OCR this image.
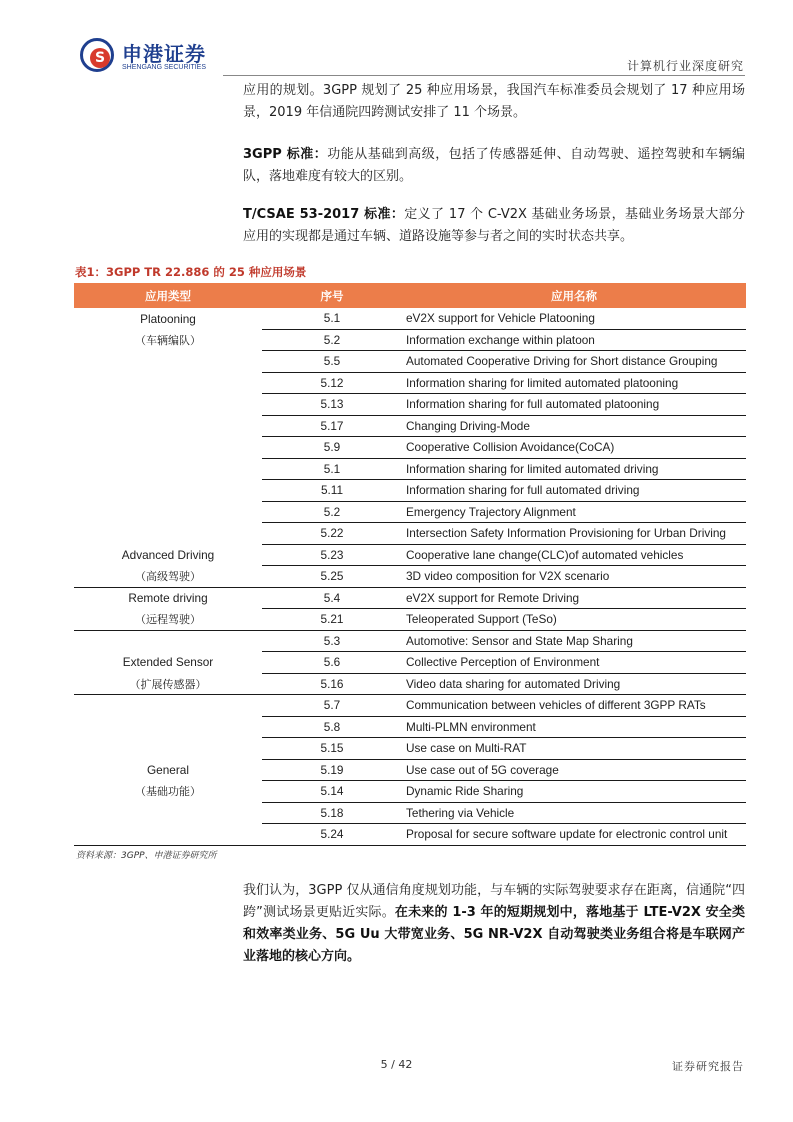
S 申港证券
SHENGANG SECURITIES	计算机行业深度研究
应用的规划。3GPP 规划了 25 种应用场景，我国汽车标准委员会规划了 17 种应用场景，2019 年信通院四跨测试安排了 11 个场景。
3GPP 标准：功能从基础到高级，包括了传感器延伸、自动驾驶、遥控驾驶和车辆编队，落地难度有较大的区别。
T/CSAE 53-2017 标准：定义了 17 个 C-V2X 基础业务场景，基础业务场景大部分应用的实现都是通过车辆、道路设施等参与者之间的实时状态共享。
表1：3GPP TR 22.886 的 25 种应用场景
应用类型	序号	应用名称
Platooning	5.1	eV2X support for Vehicle Platooning
（车辆编队）	5.2	Information exchange within platoon
	5.5	Automated Cooperative Driving for Short distance Grouping
	5.12	Information sharing for limited automated platooning
	5.13	Information sharing for full automated platooning
	5.17	Changing Driving-Mode
	5.9	Cooperative Collision Avoidance(CoCA)
	5.1	Information sharing for limited automated driving
	5.11	Information sharing for full automated driving
	5.2	Emergency Trajectory Alignment
	5.22	Intersection Safety Information Provisioning for Urban Driving
Advanced Driving	5.23	Cooperative lane change(CLC)of automated vehicles
（高级驾驶）	5.25	3D video composition for V2X scenario
Remote driving	5.4	eV2X support for Remote Driving
（远程驾驶）	5.21	Teleoperated Support (TeSo)
	5.3	Automotive: Sensor and State Map Sharing
Extended Sensor	5.6	Collective Perception of Environment
（扩展传感器）	5.16	Video data sharing for automated Driving
	5.7	Communication between vehicles of different 3GPP RATs
	5.8	Multi-PLMN environment
	5.15	Use case on Multi-RAT
General	5.19	Use case out of 5G coverage
（基础功能）	5.14	Dynamic Ride Sharing
	5.18	Tethering via Vehicle
	5.24	Proposal for secure software update for electronic control unit
资料来源：3GPP、申港证券研究所
我们认为，3GPP 仅从通信角度规划功能，与车辆的实际驾驶要求存在距离，信通院“四跨”测试场景更贴近实际。在未来的 1-3 年的短期规划中，落地基于 LTE-V2X 安全类和效率类业务、5G Uu 大带宽业务、5G NR-V2X 自动驾驶类业务组合将是车联网产业落地的核心方向。
5 / 42	证券研究报告
